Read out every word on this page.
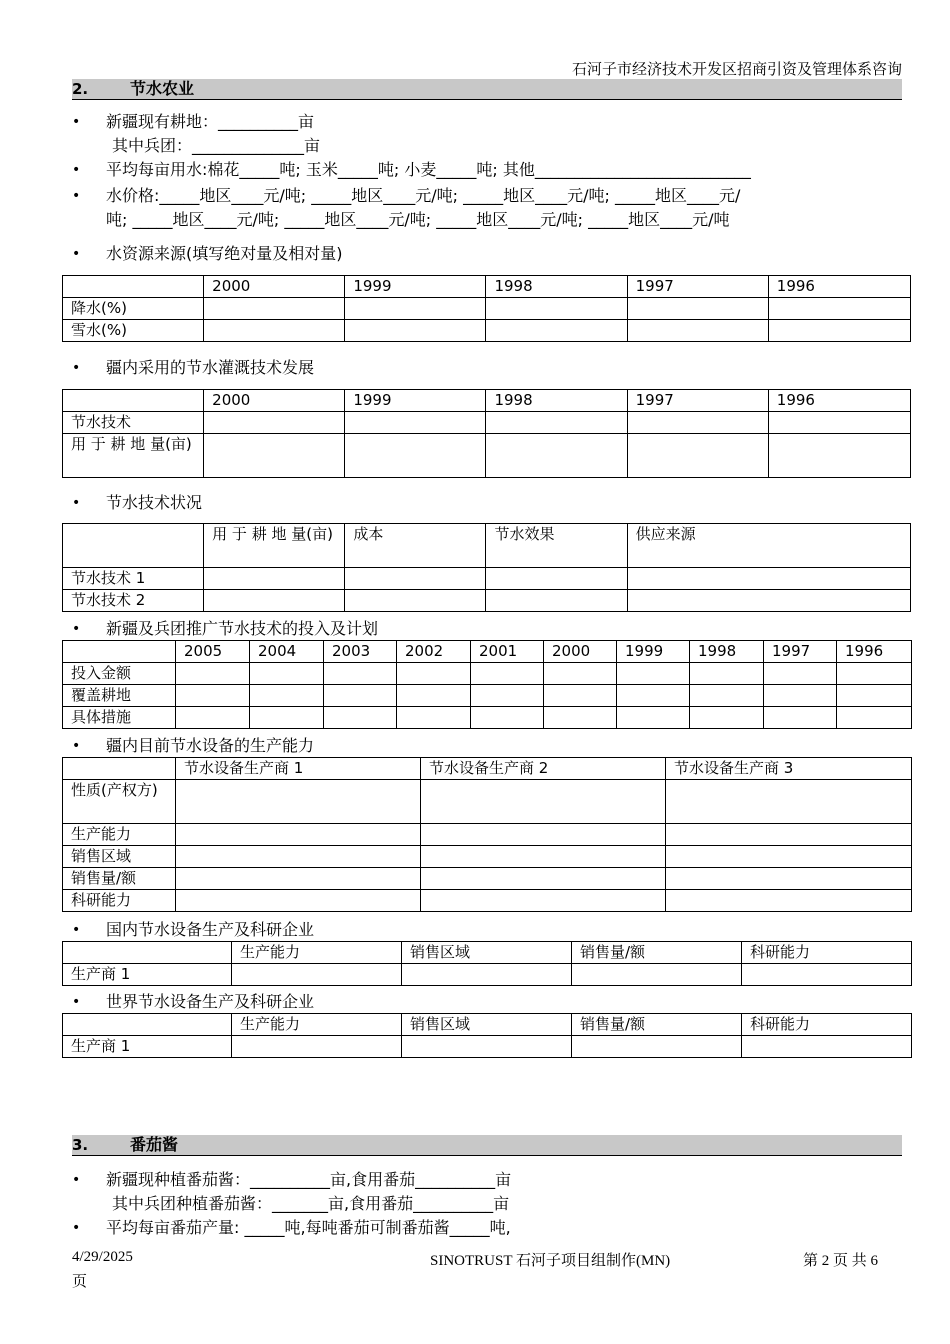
石河子市经济技术开发区招商引资及管理体系咨询
2.	节水农业
• 新疆现有耕地：__________亩
其中兵团：______________亩
• 平均每亩用水:棉花_____吨; 玉米_____吨; 小麦_____吨; 其他___________________________
• 水价格:_____地区____元/吨; _____地区____元/吨; _____地区____元/吨; _____地区____元/
吨; _____地区____元/吨; _____地区____元/吨; _____地区____元/吨; _____地区____元/吨
• 水资源来源(填写绝对量及相对量)
	2000	1999	1998	1997	1996
降水(%)					
雪水(%)					
• 疆内采用的节水灌溉技术发展
	2000	1999	1998	1997	1996
节水技术					
用 于 耕 地 量(亩)					
• 节水技术状况
	用 于 耕 地 量(亩)	成本	节水效果	供应来源
节水技术 1				
节水技术 2				
• 新疆及兵团推广节水技术的投入及计划
	2005	2004	2003	2002	2001	2000	1999	1998	1997	1996
投入金额										
覆盖耕地										
具体措施										
• 疆内目前节水设备的生产能力
	节水设备生产商 1	节水设备生产商 2	节水设备生产商 3
性质(产权方)			
生产能力			
销售区域			
销售量/额			
科研能力			
• 国内节水设备生产及科研企业
	生产能力	销售区域	销售量/额	科研能力
生产商 1				
• 世界节水设备生产及科研企业
	生产能力	销售区域	销售量/额	科研能力
生产商 1				
3.	番茄酱
• 新疆现种植番茄酱：__________亩,食用番茄__________亩
其中兵团种植番茄酱：_______亩,食用番茄__________亩
• 平均每亩番茄产量: _____吨,每吨番茄可制番茄酱_____吨,
4/29/2025
页
SINOTRUST 石河子项目组制作(MN)	第 2 页 共 6
